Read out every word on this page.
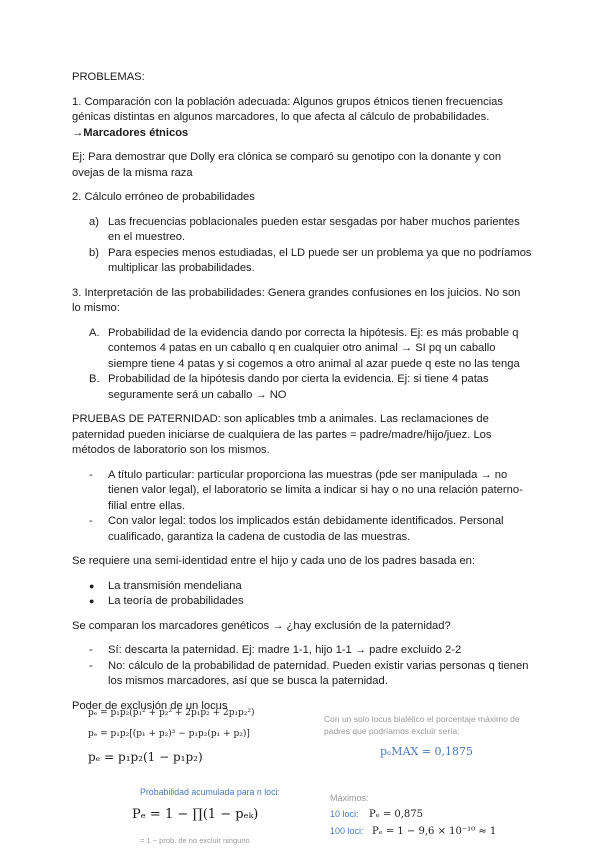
PROBLEMAS:

1. Comparación con la población adecuada: Algunos grupos étnicos tienen frecuencias génicas distintas en algunos marcadores, lo que afecta al cálculo de probabilidades.

→Marcadores étnicos

Ej: Para demostrar que Dolly era clónica se comparó su genotipo con la donante y con ovejas de la misma raza

2. Cálculo erróneo de probabilidades

a) Las frecuencias poblacionales pueden estar sesgadas por haber muchos parientes en el muestreo.
b) Para especies menos estudiadas, el LD puede ser un problema ya que no podríamos multiplicar las probabilidades.

3. Interpretación de las probabilidades: Genera grandes confusiones en los juicios. No son lo mismo:

A. Probabilidad de la evidencia dando por correcta la hipótesis. Ej: es más probable q contemos 4 patas en un caballo q en cualquier otro animal → SI pq un caballo siempre tiene 4 patas y si cogemos a otro animal al azar puede q este no las tenga
B. Probabilidad de la hipótesis dando por cierta la evidencia. Ej: si tiene 4 patas seguramente será un caballo → NO

PRUEBAS DE PATERNIDAD: son aplicables tmb a animales. Las reclamaciones de paternidad pueden iniciarse de cualquiera de las partes = padre/madre/hijo/juez. Los métodos de laboratorio son los mismos.

- A título particular: particular proporciona las muestras (pde ser manipulada → no tienen valor legal), el laboratorio se limita a indicar si hay o no una relación paterno-filial entre ellas.
- Con valor legal: todos los implicados están debidamente identificados. Personal cualificado, garantiza la cadena de custodia de las muestras.

Se requiere una semi-identidad entre el hijo y cada uno de los padres basada en:

● La transmisión mendeliana
● La teoría de probabilidades

Se comparan los marcadores genéticos → ¿hay exclusión de la paternidad?

- Sí: descarta la paternidad. Ej: madre 1-1, hijo 1-1 → padre excluido 2-2
- No: cálculo de la probabilidad de paternidad. Pueden existir varias personas q tienen los mismos marcadores, así que se busca la paternidad.

Poder de exclusión de un locus

pₑ = p₁p₂(p₁² + p₂² + 2p₁p₂ + 2p₁p₂²)
pₑ = p₁p₂[(p₁ + p₂)³ − p₁p₂(p₁ + p₂)]
pₑ = p₁p₂(1 − p₁p₂)
Con un solo locus bialélico el porcentaje máximo de padres que podríamos excluir sería:
pₑMAX = 0,1875
Probabilidad acumulada para n loci:
Pₑ = 1 − ∏(1 − pₑₖ)
= 1 − prob. de no excluir ninguno
Máximos:
10 loci: Pₑ = 0,875
100 loci: Pₑ = 1 − 9,6 × 10⁻¹⁰ ≈ 1
